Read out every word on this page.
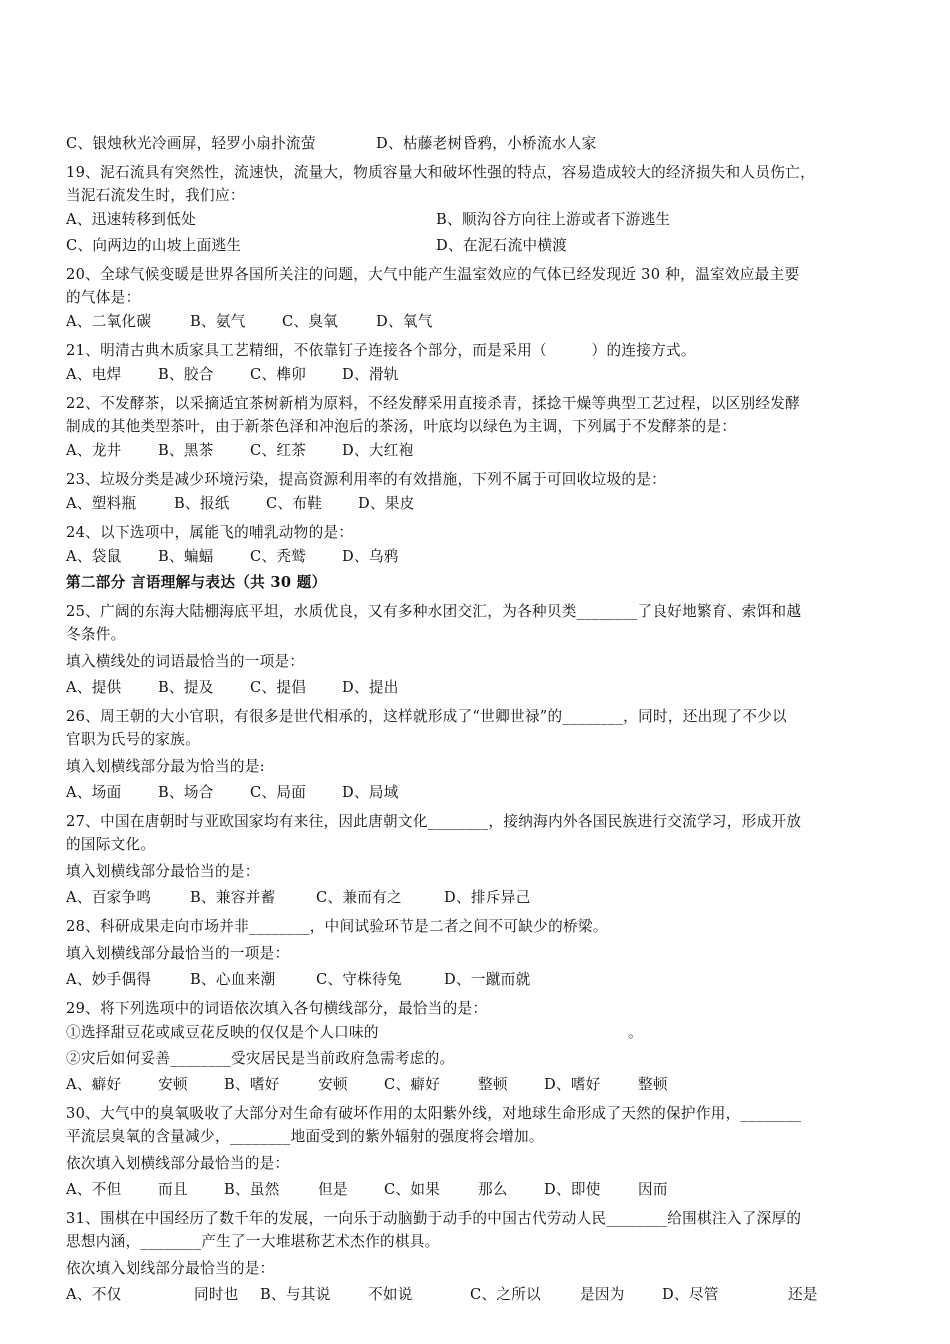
C、银烛秋光冷画屏，轻罗小扇扑流萤	D、枯藤老树昏鸦，小桥流水人家
19、泥石流具有突然性，流速快，流量大，物质容量大和破坏性强的特点，容易造成较大的经济损失和人员伤亡，
当泥石流发生时，我们应：
A、迅速转移到低处	B、顺沟谷方向往上游或者下游逃生
C、向两边的山坡上面逃生	D、在泥石流中横渡
20、全球气候变暖是世界各国所关注的问题，大气中能产生温室效应的气体已经发现近 30 种，温室效应最主要
的气体是：
A、二氧化碳	B、氨气 C、臭氧	D、氧气
21、明清古典木质家具工艺精细，不依靠钉子连接各个部分，而是采用（　　　）的连接方式。
A、电焊 B、胶合 C、榫卯 D、滑轨
22、不发酵茶，以采摘适宜茶树新梢为原料，不经发酵采用直接杀青，揉捻干燥等典型工艺过程，以区别经发酵
制成的其他类型茶叶，由于新茶色泽和冲泡后的茶汤，叶底均以绿色为主调，下列属于不发酵茶的是：
A、龙井 B、黑茶 C、红茶 D、大红袍
23、垃圾分类是减少环境污染，提高资源利用率的有效措施，下列不属于可回收垃圾的是：
A、塑料瓶	B、报纸 C、布鞋 D、果皮
24、以下选项中，属能飞的哺乳动物的是：
A、袋鼠 B、蝙蝠 C、秃鹫 D、乌鸦
第二部分 言语理解与表达（共 30 题）
25、广阔的东海大陆棚海底平坦，水质优良，又有多种水团交汇，为各种贝类________了良好地繁育、索饵和越
冬条件。
填入横线处的词语最恰当的一项是：
A、提供 B、提及 C、提倡 D、提出
26、周王朝的大小官职，有很多是世代相承的，这样就形成了“世卿世禄”的________，同时，还出现了不少以
官职为氏号的家族。
填入划横线部分最为恰当的是:
A、场面 B、场合 C、局面 D、局域
27、中国在唐朝时与亚欧国家均有来往，因此唐朝文化________，接纳海内外各国民族进行交流学习，形成开放
的国际文化。
填入划横线部分最恰当的是：
A、百家争鸣	B、兼容并蓄	C、兼而有之	D、排斥异己
28、科研成果走向市场并非________，中间试验环节是二者之间不可缺少的桥梁。
填入划横线部分最恰当的一项是：
A、妙手偶得	B、心血来潮	C、守株待兔	D、一蹴而就
29、将下列选项中的词语依次填入各句横线部分，最恰当的是：
①选择甜豆花或咸豆花反映的仅仅是个人口味的	。
②灾后如何妥善________受灾居民是当前政府急需考虑的。
A、癖好 安顿 B、嗜好	安顿 C、癖好	整顿 D、嗜好	整顿
30、大气中的臭氧吸收了大部分对生命有破坏作用的太阳紫外线，对地球生命形成了天然的保护作用，________
平流层臭氧的含量减少，________地面受到的紫外辐射的强度将会增加。
依次填入划横线部分最恰当的是：
A、不但 而且 B、虽然	但是 C、如果	那么 D、即使	因而
31、围棋在中国经历了数千年的发展，一向乐于动脑勤于动手的中国古代劳动人民________给围棋注入了深厚的
思想内涵，________产生了一大堆堪称艺术杰作的棋具。
依次填入划线部分最恰当的是：
A、不仅	同时也 B、与其说	不如说	C、之所以	是因为	D、尽管	还是
